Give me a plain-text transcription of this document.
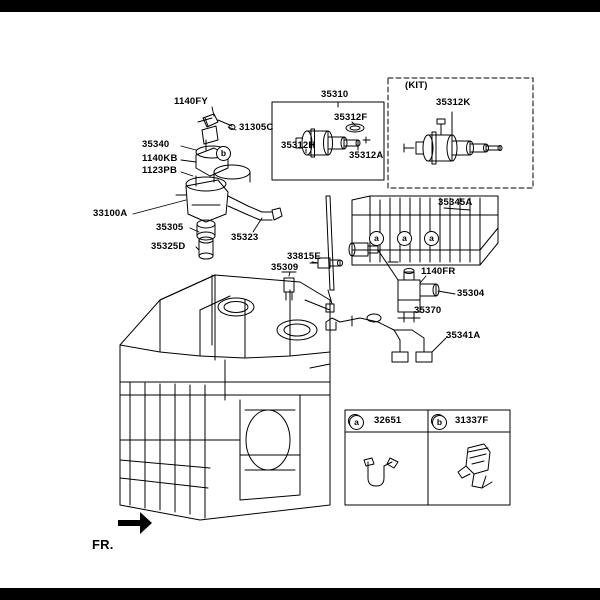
1140FY
31305C
35340
1140KB
1123PB
33100A
35305
35325D
35323
33815E
35309
35345A
1140FR
35304
35370
35341A
35310
35312F
35312H
35312A
(KIT)
35312K
32651	31337F
a	b
b
a	a	a
FR.
